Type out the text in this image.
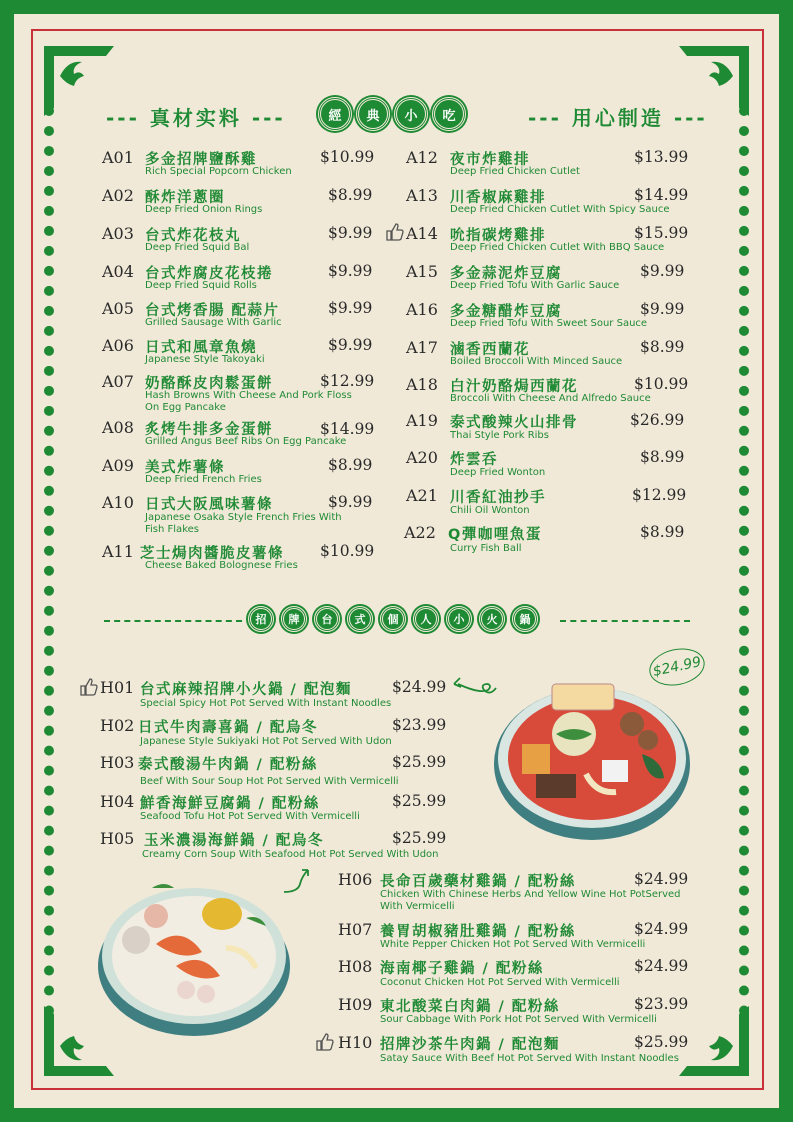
--- 真材实料 ---	--- 用心制造 ---
經	典	小	吃
A01 多金招牌鹽酥雞
Rich Special Popcorn Chicken
$10.99
A02 酥炸洋蔥圈
Deep Fried Onion Rings
$8.99
A03 台式炸花枝丸
Deep Fried Squid Bal
$9.99
A04 台式炸腐皮花枝捲
Deep Fried Squid Rolls
$9.99
A05 台式烤香腸 配蒜片
Grilled Sausage With Garlic
$9.99
A06 日式和風章魚燒
Japanese Style Takoyaki
$9.99
A07 奶酪酥皮肉鬆蛋餅
Hash Browns With Cheese And Pork Floss
On Egg Pancake
$12.99
A08 炙烤牛排多金蛋餅
Grilled Angus Beef Ribs On Egg Pancake
$14.99
A09 美式炸薯條
Deep Fried French Fries
$8.99
A10 日式大阪風味薯條
Japanese Osaka Style French Fries With
Fish Flakes
$9.99
A11 芝士焗肉醬脆皮薯條
Cheese Baked Bolognese Fries
$10.99
A12 夜市炸雞排
Deep Fried Chicken Cutlet
$13.99
A13 川香椒麻雞排
Deep Fried Chicken Cutlet With Spicy Sauce
$14.99
A14 吮指碳烤雞排
Deep Fried Chicken Cutlet With BBQ Sauce
$15.99
A15 多金蒜泥炸豆腐
Deep Fried Tofu With Garlic Sauce
$9.99
A16 多金糖醋炸豆腐
Deep Fried Tofu With Sweet Sour Sauce
$9.99
A17 滷香西蘭花
Boiled Broccoli With Minced Sauce
$8.99
A18 白汁奶酪焗西蘭花
Broccoli With Cheese And Alfredo Sauce
$10.99
A19 泰式酸辣火山排骨
Thai Style Pork Ribs
$26.99
A20 炸雲呑
Deep Fried Wonton
$8.99
A21 川香紅油抄手
Chili Oil Wonton
$12.99
A22 Q彈咖哩魚蛋
Curry Fish Ball
$8.99
招	牌	台	式	個	人	小	火	鍋
H01 台式麻辣招牌小火鍋 / 配泡麵
Special Spicy Hot Pot Served With Instant Noodles
$24.99
H02 日式牛肉壽喜鍋 / 配烏冬
Japanese Style Sukiyaki Hot Pot Served With Udon
$23.99
H03 泰式酸湯牛肉鍋 / 配粉絲
Beef With Sour Soup Hot Pot Served With Vermicelli
$25.99
H04 鮮香海鮮豆腐鍋 / 配粉絲
Seafood Tofu Hot Pot Served With Vermicelli
$25.99
H05 玉米濃湯海鮮鍋 / 配烏冬
Creamy Corn Soup With Seafood Hot Pot Served With Udon
$25.99
H06 長命百歲藥材雞鍋 / 配粉絲
Chicken With Chinese Herbs And Yellow Wine Hot PotServed
With Vermicelli
$24.99
H07 養胃胡椒豬肚雞鍋 / 配粉絲
White Pepper Chicken Hot Pot Served With Vermicelli
$24.99
H08 海南椰子雞鍋 / 配粉絲
Coconut Chicken Hot Pot Served With Vermicelli
$24.99
H09 東北酸菜白肉鍋 / 配粉絲
Sour Cabbage With Pork Hot Pot Served With Vermicelli
$23.99
H10 招牌沙茶牛肉鍋 / 配泡麵
Satay Sauce With Beef Hot Pot Served With Instant Noodles
$25.99
$24.99
